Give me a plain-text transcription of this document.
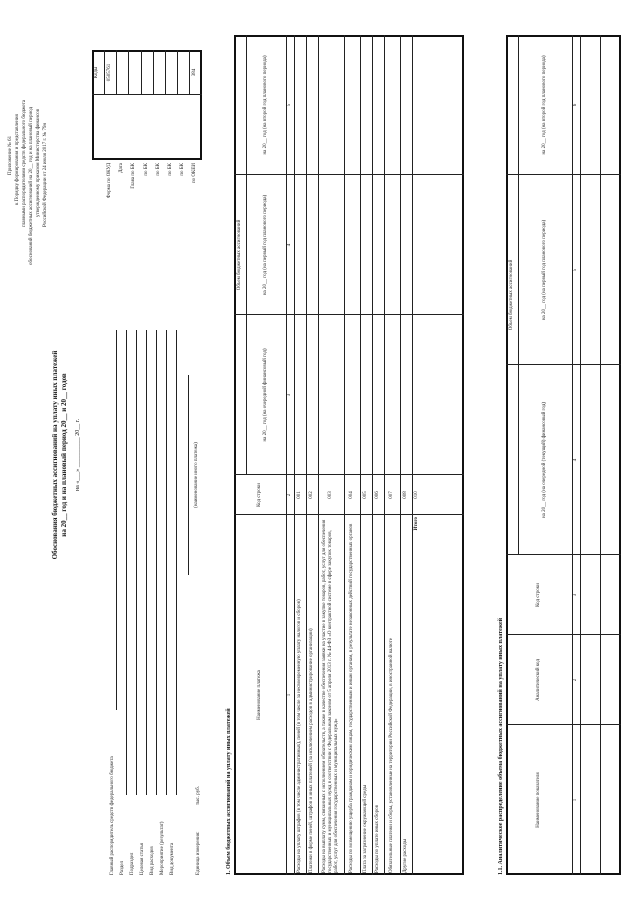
Приложение № 61 к Порядку формирования и представления главными распорядителями средств федерального бюджета обоснований бюджетных ассигнований на 20__ год и на плановый период утвержденному приказом Министерства финансов Российской Федерации от 24 июля 2017 г. № 79н
Обоснования бюджетных ассигнований на уплату иных платежей на 20__ год и на плановый период 20__ и 20__ годов на «___» __________ 20__ г.
Коды
Форма по ОКУД
0505761
Дата Глава по БК по БК по БК по БК по БК по ОКЕИ
384
Главный распорядитель средств федерального бюджета Раздел Подраздел Целевая статья Вид расходов Мероприятие (результат) Вид документа	Единица измерения:
тыс. руб.
(наименование иного платежа)
1. Объем бюджетных ассигнований на уплату иных платежей
Наименование платежа
Код строки
Объем бюджетных ассигнований
на 20__ год (на очередной финансовый год)
на 20__ год (на первый год планового периода)
на 20__ год (на второй год планового периода)
1
2
3
4
5
Расходы на уплату штрафов (в том числе административных), пеней (в том числе за несвоевременную уплату налогов и сборов)
001
Платежи в форме пеней, штрафов и иных платежей (за исключением расходов в администрирование организации)
002
Расходы на выплату сумм, связанных с исполнением обязательств, а также в качестве обеспечения заявки на участие в закупке товаров, работ, услуг для обеспечения государственных и муниципальных нужд в соответствии с Федеральным законом от 5 апреля 2013 г. № 44-ФЗ «О контрактной системе в сфере закупок товаров, работ, услуг для обеспечения государственных и муниципальных нужд»
003
Расходы по возмещению ущерба гражданам и юридическим лицам, государственным и иным органам, в результате незаконных действий государственных органов
004
Плата за загрязнение окружающей среды
005
Расходы по уплате иных сборов
006
Обязательные платежи и сборы, установленные на территории Российской Федерации, в иностранной валюте
007
Другие расходы
008
Итого
010
1.1. Аналитическое распределение объема бюджетных ассигнований на уплату иных платежей	Наименование показателя
Аналитический код
Код строки
Объем бюджетных ассигнований
на 20__ год (на очередной (текущий) финансовый год)
на 20__ год (на первый год планового периода)
на 20__ год (на второй год планового периода)
1
2
3
4
5
6
